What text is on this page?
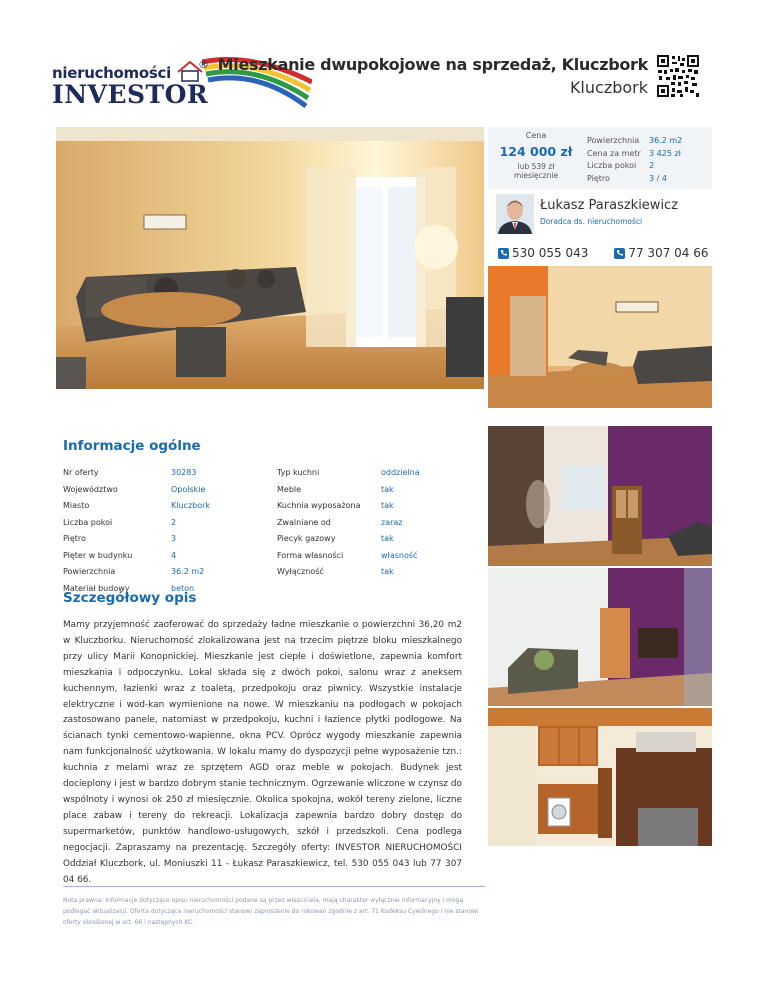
nieruchomości ®
INVESTOR
Mieszkanie dwupokojowe na sprzedaż, Kluczbork
Kluczbork
Cena
124 000 zł
lub 539 zł
miesięcznie
Powierzchnia	36.2 m2
Cena za metr	3 425 zł
Liczba pokoi	2
Piętro	3 / 4
Łukasz Paraszkiewicz
Doradca ds. nieruchomości
530 055 043	77 307 04 66
Informacje ogólne
Nr oferty	30283	Typ kuchni	oddzielna
Województwo	Opolskie	Meble	tak
Miasto	Kluczbork	Kuchnia wyposażona	tak
Liczba pokoi	2	Zwalniane od	zaraz
Piętro	3	Piecyk gazowy	tak
Pięter w budynku	4	Forma własności	własność
Powierzchnia	36.2 m2	Wyłączność	tak
Materiał budowy	beton
Szczegółowy opis

Mamy przyjemność zaoferować do sprzedaży ładne mieszkanie o powierzchni 36,20 m2 w Kluczborku. Nieruchomość zlokalizowana jest na trzecim piętrze bloku mieszkalnego przy ulicy Marii Konopnickiej. Mieszkanie jest ciepłe i doświetlone, zapewnia komfort mieszkania i odpoczynku. Lokal składa się z dwóch pokoi, salonu wraz z aneksem kuchennym, łazienki wraz z toaletą, przedpokoju oraz piwnicy. Wszystkie instalacje elektryczne i wod-kan wymienione na nowe. W mieszkaniu na podłogach w pokojach zastosowano panele, natomiast w przedpokoju, kuchni i łazience płytki podłogowe. Na ścianach tynki cementowo-wapienne, okna PCV. Oprócz wygody mieszkanie zapewnia nam funkcjonalność użytkowania. W lokalu mamy do dyspozycji pełne wyposażenie tzn.: kuchnia z melami wraz ze sprzętem AGD oraz meble w pokojach. Budynek jest docieplony i jest w bardzo dobrym stanie technicznym. Ogrzewanie wliczone w czynsz do wspólnoty i wynosi ok 250 zł miesięcznie. Okolica spokojna, wokół tereny zielone, liczne place zabaw i tereny do rekreacji. Lokalizacja zapewnia bardzo dobry dostęp do supermarketów, punktów handlowo-usługowych, szkół i przedszkoli. Cena podlega negocjacji. Zapraszamy na prezentację. Szczegóły oferty: INVESTOR NIERUCHOMOŚCI Oddział Kluczbork, ul. Moniuszki 11 - Łukasz Paraszkiewicz, tel. 530 055 043 lub 77 307 04 66.

Nota prawna: Informacje dotyczące opisu nieruchomości podane są przez właściciela, mają charakter wyłącznie informacyjny i mogą podlegać aktualizacji. Oferta dotycząca nieruchomości stanowi zaproszenie do rokowań zgodnie z art. 71 Kodeksu Cywilnego i nie stanowi oferty określonej w art. 66 i następnych KC.
